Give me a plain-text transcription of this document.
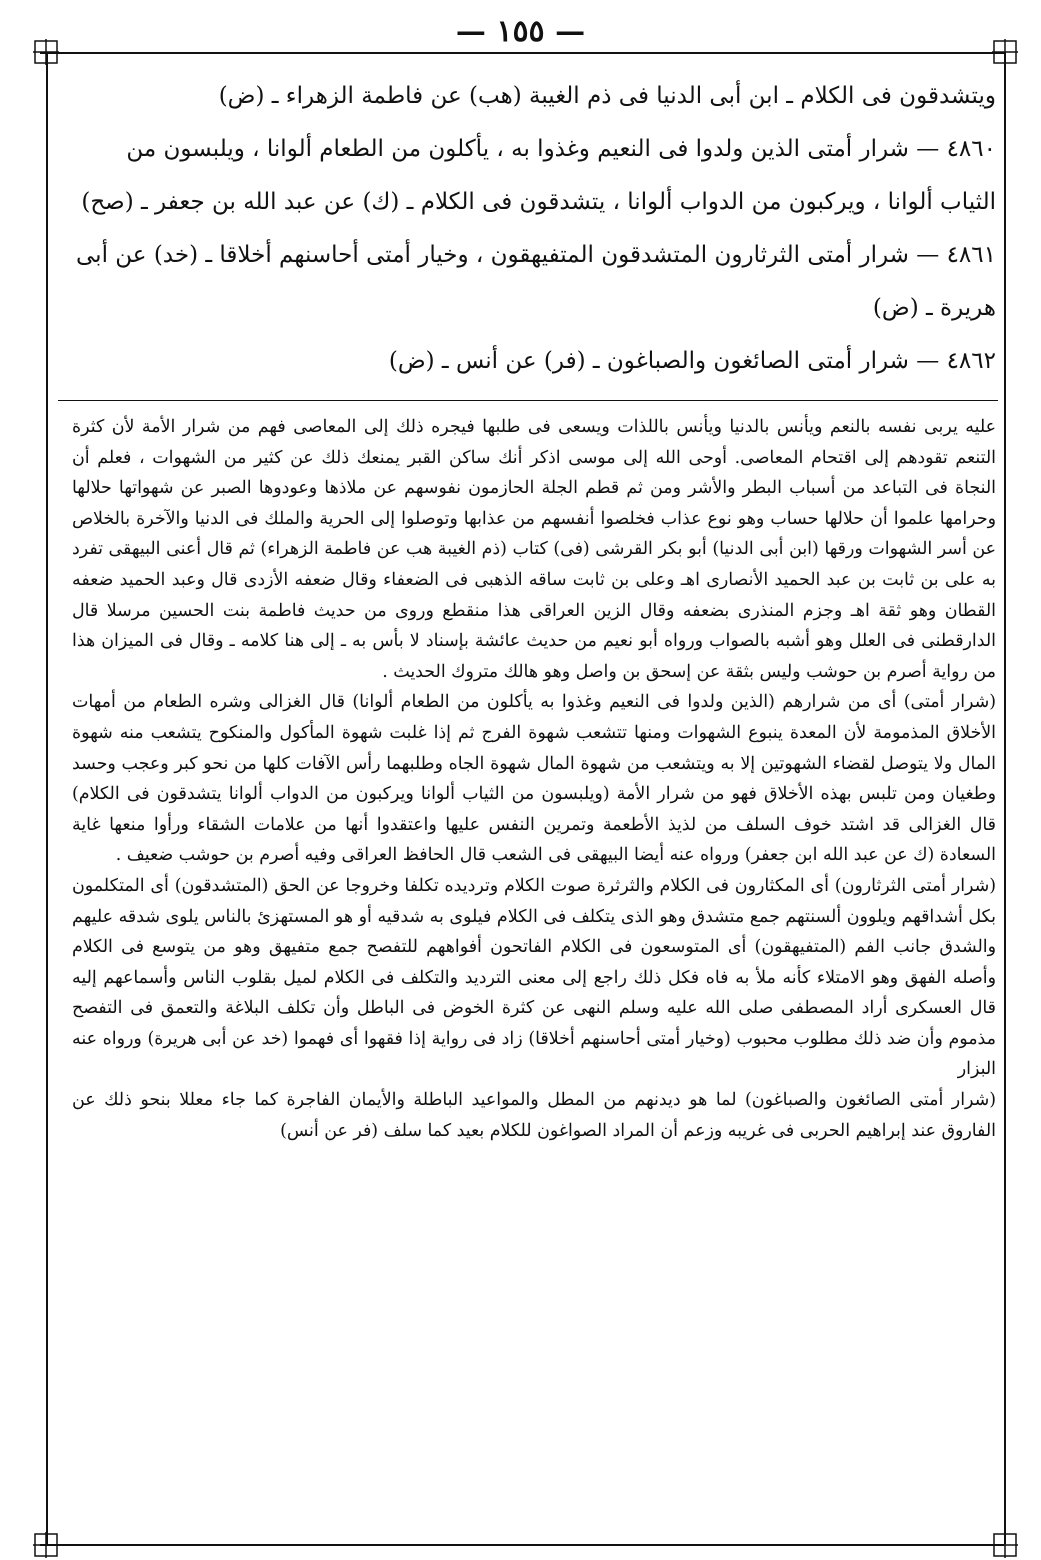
— ١٥٥ —

ويتشدقون فى الكلام ـ ابن أبى الدنيا فى ذم الغيبة (هب) عن فاطمة الزهراء ـ (ض)

٤٨٦٠ — شرار أمتى الذين ولدوا فى النعيم وغذوا به ، يأكلون من الطعام ألوانا ، ويلبسون من الثياب ألوانا ، ويركبون من الدواب ألوانا ، يتشدقون فى الكلام ـ (ك) عن عبد الله بن جعفر ـ (صح)

٤٨٦١ — شرار أمتى الثرثارون المتشدقون المتفيهقون ، وخيار أمتى أحاسنهم أخلاقا ـ (خد) عن أبى هريرة ـ (ض)

٤٨٦٢ — شرار أمتى الصائغون والصباغون ـ (فر) عن أنس ـ (ض)

عليه يربى نفسه بالنعم ويأنس بالدنيا ويأنس باللذات ويسعى فى طلبها فيجره ذلك إلى المعاصى فهم من شرار الأمة لأن كثرة التنعم تقودهم إلى اقتحام المعاصى. أوحى الله إلى موسى اذكر أنك ساكن القبر يمنعك ذلك عن كثير من الشهوات ، فعلم أن النجاة فى التباعد من أسباب البطر والأشر ومن ثم قطم الجلة الحازمون نفوسهم عن ملاذها وعودوها الصبر عن شهواتها حلالها وحرامها علموا أن حلالها حساب وهو نوع عذاب فخلصوا أنفسهم من عذابها وتوصلوا إلى الحرية والملك فى الدنيا والآخرة بالخلاص عن أسر الشهوات ورقها (ابن أبى الدنيا) أبو بكر القرشى (فى) كتاب (ذم الغيبة هب عن فاطمة الزهراء) ثم قال أعنى البيهقى تفرد به على بن ثابت بن عبد الحميد الأنصارى اهـ وعلى بن ثابت ساقه الذهبى فى الضعفاء وقال ضعفه الأزدى قال وعبد الحميد ضعفه القطان وهو ثقة اهـ وجزم المنذرى بضعفه وقال الزين العراقى هذا منقطع وروى من حديث فاطمة بنت الحسين مرسلا قال الدارقطنى فى العلل وهو أشبه بالصواب ورواه أبو نعيم من حديث عائشة بإسناد لا بأس به ـ إلى هنا كلامه ـ وقال فى الميزان هذا من رواية أصرم بن حوشب وليس بثقة عن إسحق بن واصل وهو هالك متروك الحديث .

(شرار أمتى) أى من شرارهم (الذين ولدوا فى النعيم وغذوا به يأكلون من الطعام ألوانا) قال الغزالى وشره الطعام من أمهات الأخلاق المذمومة لأن المعدة ينبوع الشهوات ومنها تتشعب شهوة الفرج ثم إذا غلبت شهوة المأكول والمنكوح يتشعب منه شهوة المال ولا يتوصل لقضاء الشهوتين إلا به ويتشعب من شهوة المال شهوة الجاه وطلبهما رأس الآفات كلها من نحو كبر وعجب وحسد وطغيان ومن تلبس بهذه الأخلاق فهو من شرار الأمة (ويلبسون من الثياب ألوانا ويركبون من الدواب ألوانا يتشدقون فى الكلام) قال الغزالى قد اشتد خوف السلف من لذيذ الأطعمة وتمرين النفس عليها واعتقدوا أنها من علامات الشقاء ورأوا منعها غاية السعادة (ك عن عبد الله ابن جعفر) ورواه عنه أيضا البيهقى فى الشعب قال الحافظ العراقى وفيه أصرم بن حوشب ضعيف .

(شرار أمتى الثرثارون) أى المكثارون فى الكلام والثرثرة صوت الكلام وترديده تكلفا وخروجا عن الحق (المتشدقون) أى المتكلمون بكل أشداقهم ويلوون ألسنتهم جمع متشدق وهو الذى يتكلف فى الكلام فيلوى به شدقيه أو هو المستهزئ بالناس يلوى شدقه عليهم والشدق جانب الفم (المتفيهقون) أى المتوسعون فى الكلام الفاتحون أفواههم للتفصح جمع متفيهق وهو من يتوسع فى الكلام وأصله الفهق وهو الامتلاء كأنه ملأ به فاه فكل ذلك راجع إلى معنى الترديد والتكلف فى الكلام لميل بقلوب الناس وأسماعهم إليه قال العسكرى أراد المصطفى صلى الله عليه وسلم النهى عن كثرة الخوض فى الباطل وأن تكلف البلاغة والتعمق فى التفصح مذموم وأن ضد ذلك مطلوب محبوب (وخيار أمتى أحاسنهم أخلاقا) زاد فى رواية إذا فقهوا أى فهموا (خد عن أبى هريرة) ورواه عنه البزار

(شرار أمتى الصائغون والصباغون) لما هو ديدنهم من المطل والمواعيد الباطلة والأيمان الفاجرة كما جاء معللا بنحو ذلك عن الفاروق عند إبراهيم الحربى فى غريبه وزعم أن المراد الصواغون للكلام بعيد كما سلف (فر عن أنس)
